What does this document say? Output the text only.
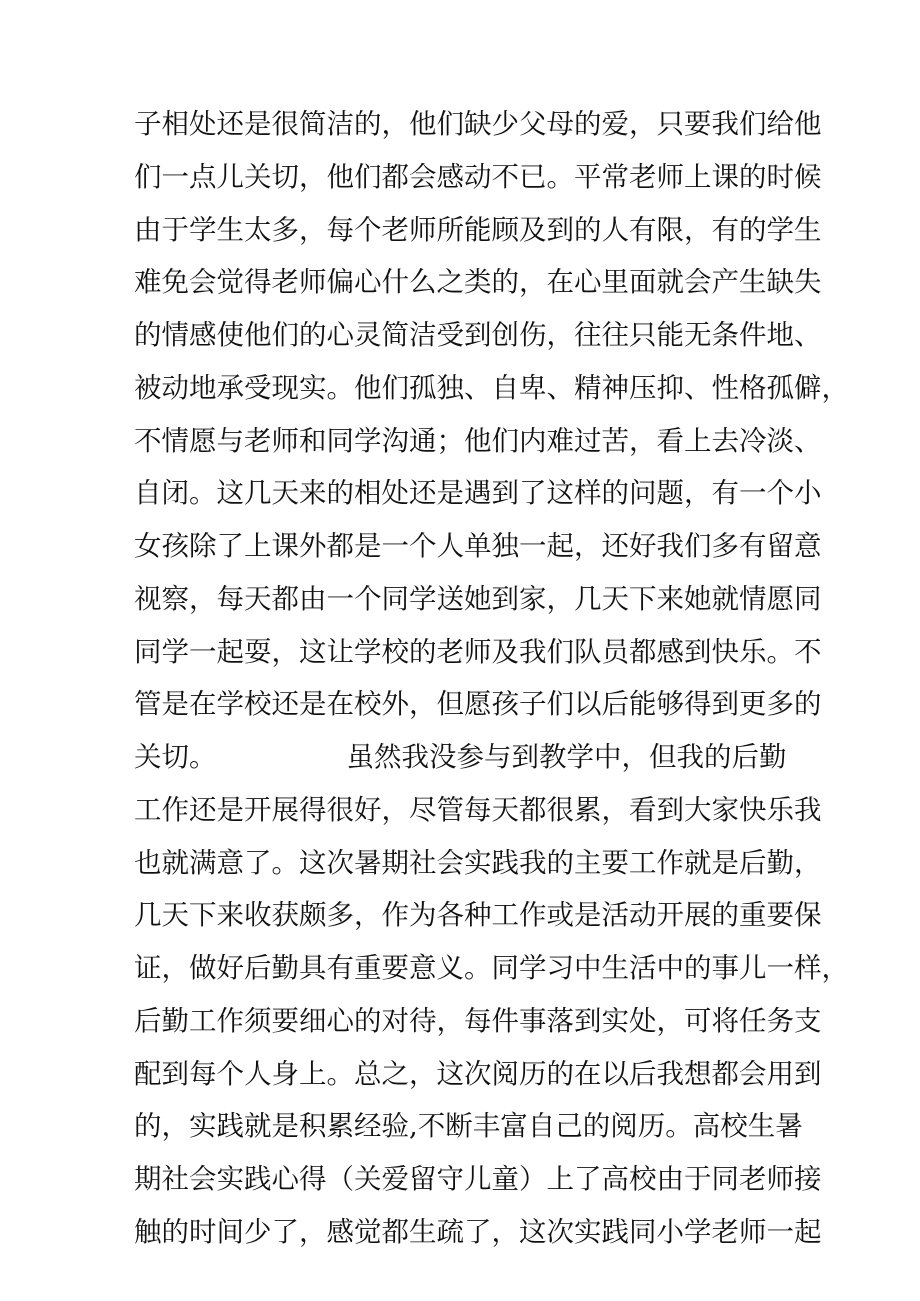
子相处还是很简洁的，他们缺少父母的爱，只要我们给他
们一点儿关切，他们都会感动不已。平常老师上课的时候
由于学生太多，每个老师所能顾及到的人有限，有的学生
难免会觉得老师偏心什么之类的，在心里面就会产生缺失
的情感使他们的心灵简洁受到创伤，往往只能无条件地、
被动地承受现实。他们孤独、自卑、精神压抑、性格孤僻，
不情愿与老师和同学沟通；他们内难过苦，看上去冷淡、
自闭。这几天来的相处还是遇到了这样的问题，有一个小
女孩除了上课外都是一个人单独一起，还好我们多有留意
视察，每天都由一个同学送她到家，几天下来她就情愿同
同学一起耍，这让学校的老师及我们队员都感到快乐。不
管是在学校还是在校外，但愿孩子们以后能够得到更多的
关切。	虽然我没参与到教学中，但我的后勤
工作还是开展得很好，尽管每天都很累，看到大家快乐我
也就满意了。这次暑期社会实践我的主要工作就是后勤，
几天下来收获颇多，作为各种工作或是活动开展的重要保
证，做好后勤具有重要意义。同学习中生活中的事儿一样，
后勤工作须要细心的对待，每件事落到实处，可将任务支
配到每个人身上。总之，这次阅历的在以后我想都会用到
的，实践就是积累经验,不断丰富自己的阅历。高校生暑
期社会实践心得（关爱留守儿童）上了高校由于同老师接
触的时间少了，感觉都生疏了，这次实践同小学老师一起
